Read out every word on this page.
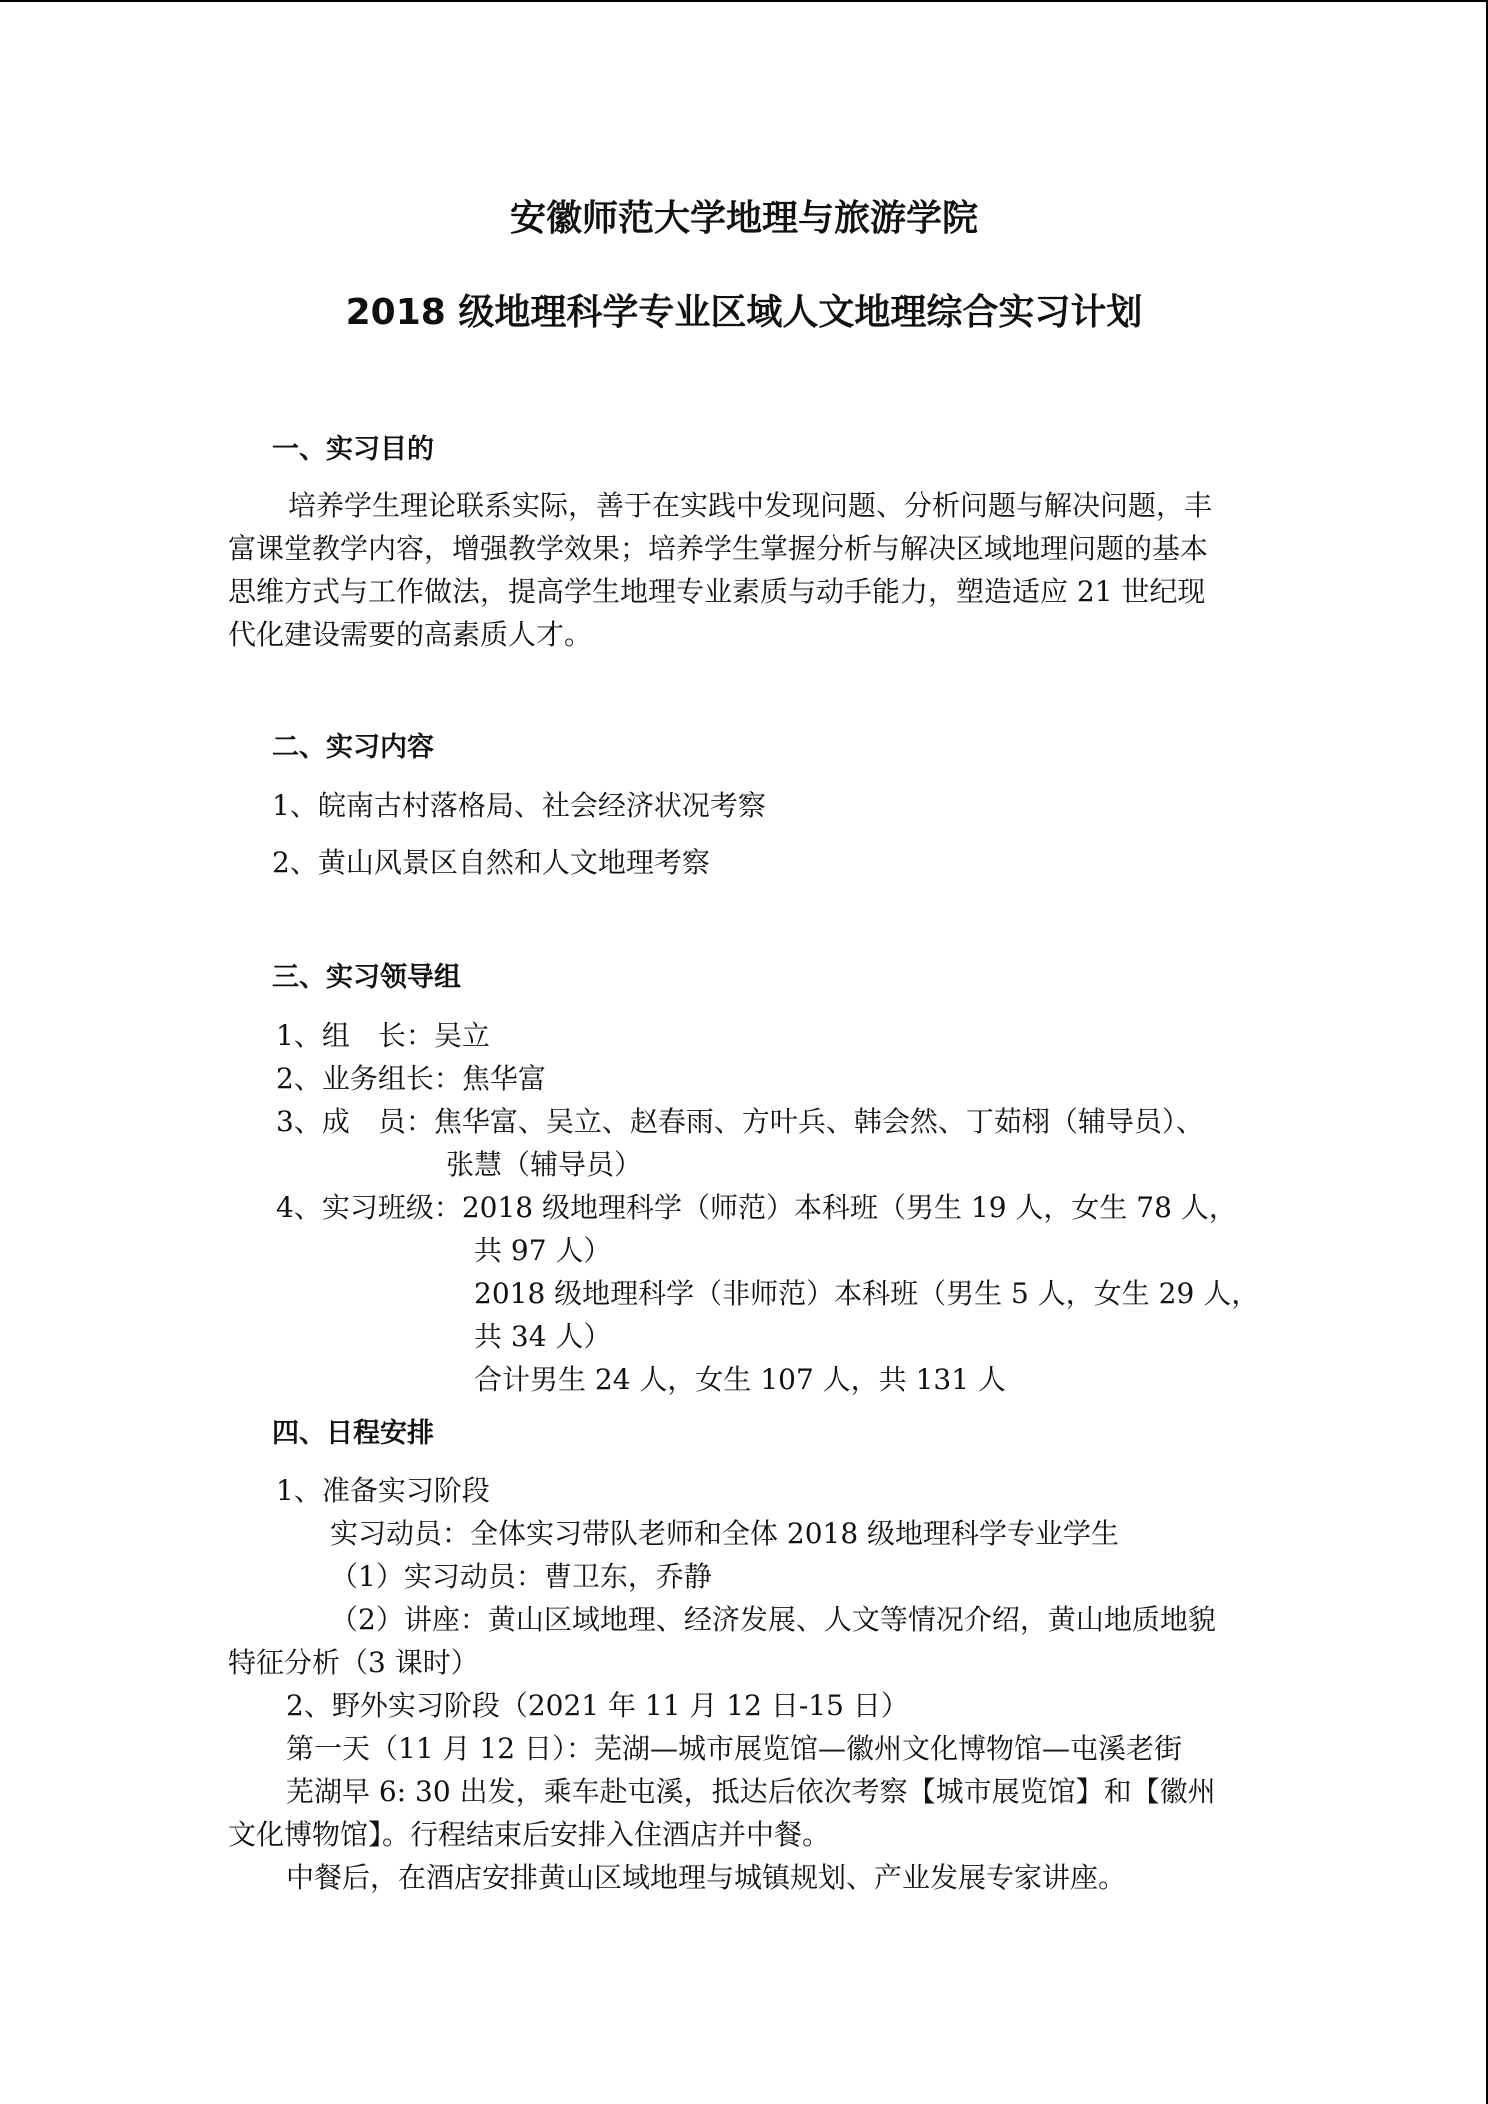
安徽师范大学地理与旅游学院
2018 级地理科学专业区域人文地理综合实习计划
一、实习目的
培养学生理论联系实际，善于在实践中发现问题、分析问题与解决问题，丰
富课堂教学内容，增强教学效果；培养学生掌握分析与解决区域地理问题的基本
思维方式与工作做法，提高学生地理专业素质与动手能力，塑造适应 21 世纪现
代化建设需要的高素质人才。
二、实习内容
1、皖南古村落格局、社会经济状况考察
2、黄山风景区自然和人文地理考察
三、实习领导组
1、组　长：吴立
2、业务组长：焦华富
3、成　员：焦华富、吴立、赵春雨、方叶兵、韩会然、丁茹栩（辅导员）、
张慧（辅导员）
4、实习班级：2018 级地理科学（师范）本科班（男生 19 人，女生 78 人，
共 97 人）
2018 级地理科学（非师范）本科班（男生 5 人，女生 29 人，
共 34 人）
合计男生 24 人，女生 107 人，共 131 人
四、日程安排
1、准备实习阶段
实习动员：全体实习带队老师和全体 2018 级地理科学专业学生
（1）实习动员：曹卫东，乔静
（2）讲座：黄山区域地理、经济发展、人文等情况介绍，黄山地质地貌
特征分析（3 课时）
2、野外实习阶段（2021 年 11 月 12 日-15 日）
第一天（11 月 12 日）：芜湖—城市展览馆—徽州文化博物馆—屯溪老街
芜湖早 6: 30 出发，乘车赴屯溪，抵达后依次考察【城市展览馆】和【徽州
文化博物馆】。行程结束后安排入住酒店并中餐。
中餐后，在酒店安排黄山区域地理与城镇规划、产业发展专家讲座。
